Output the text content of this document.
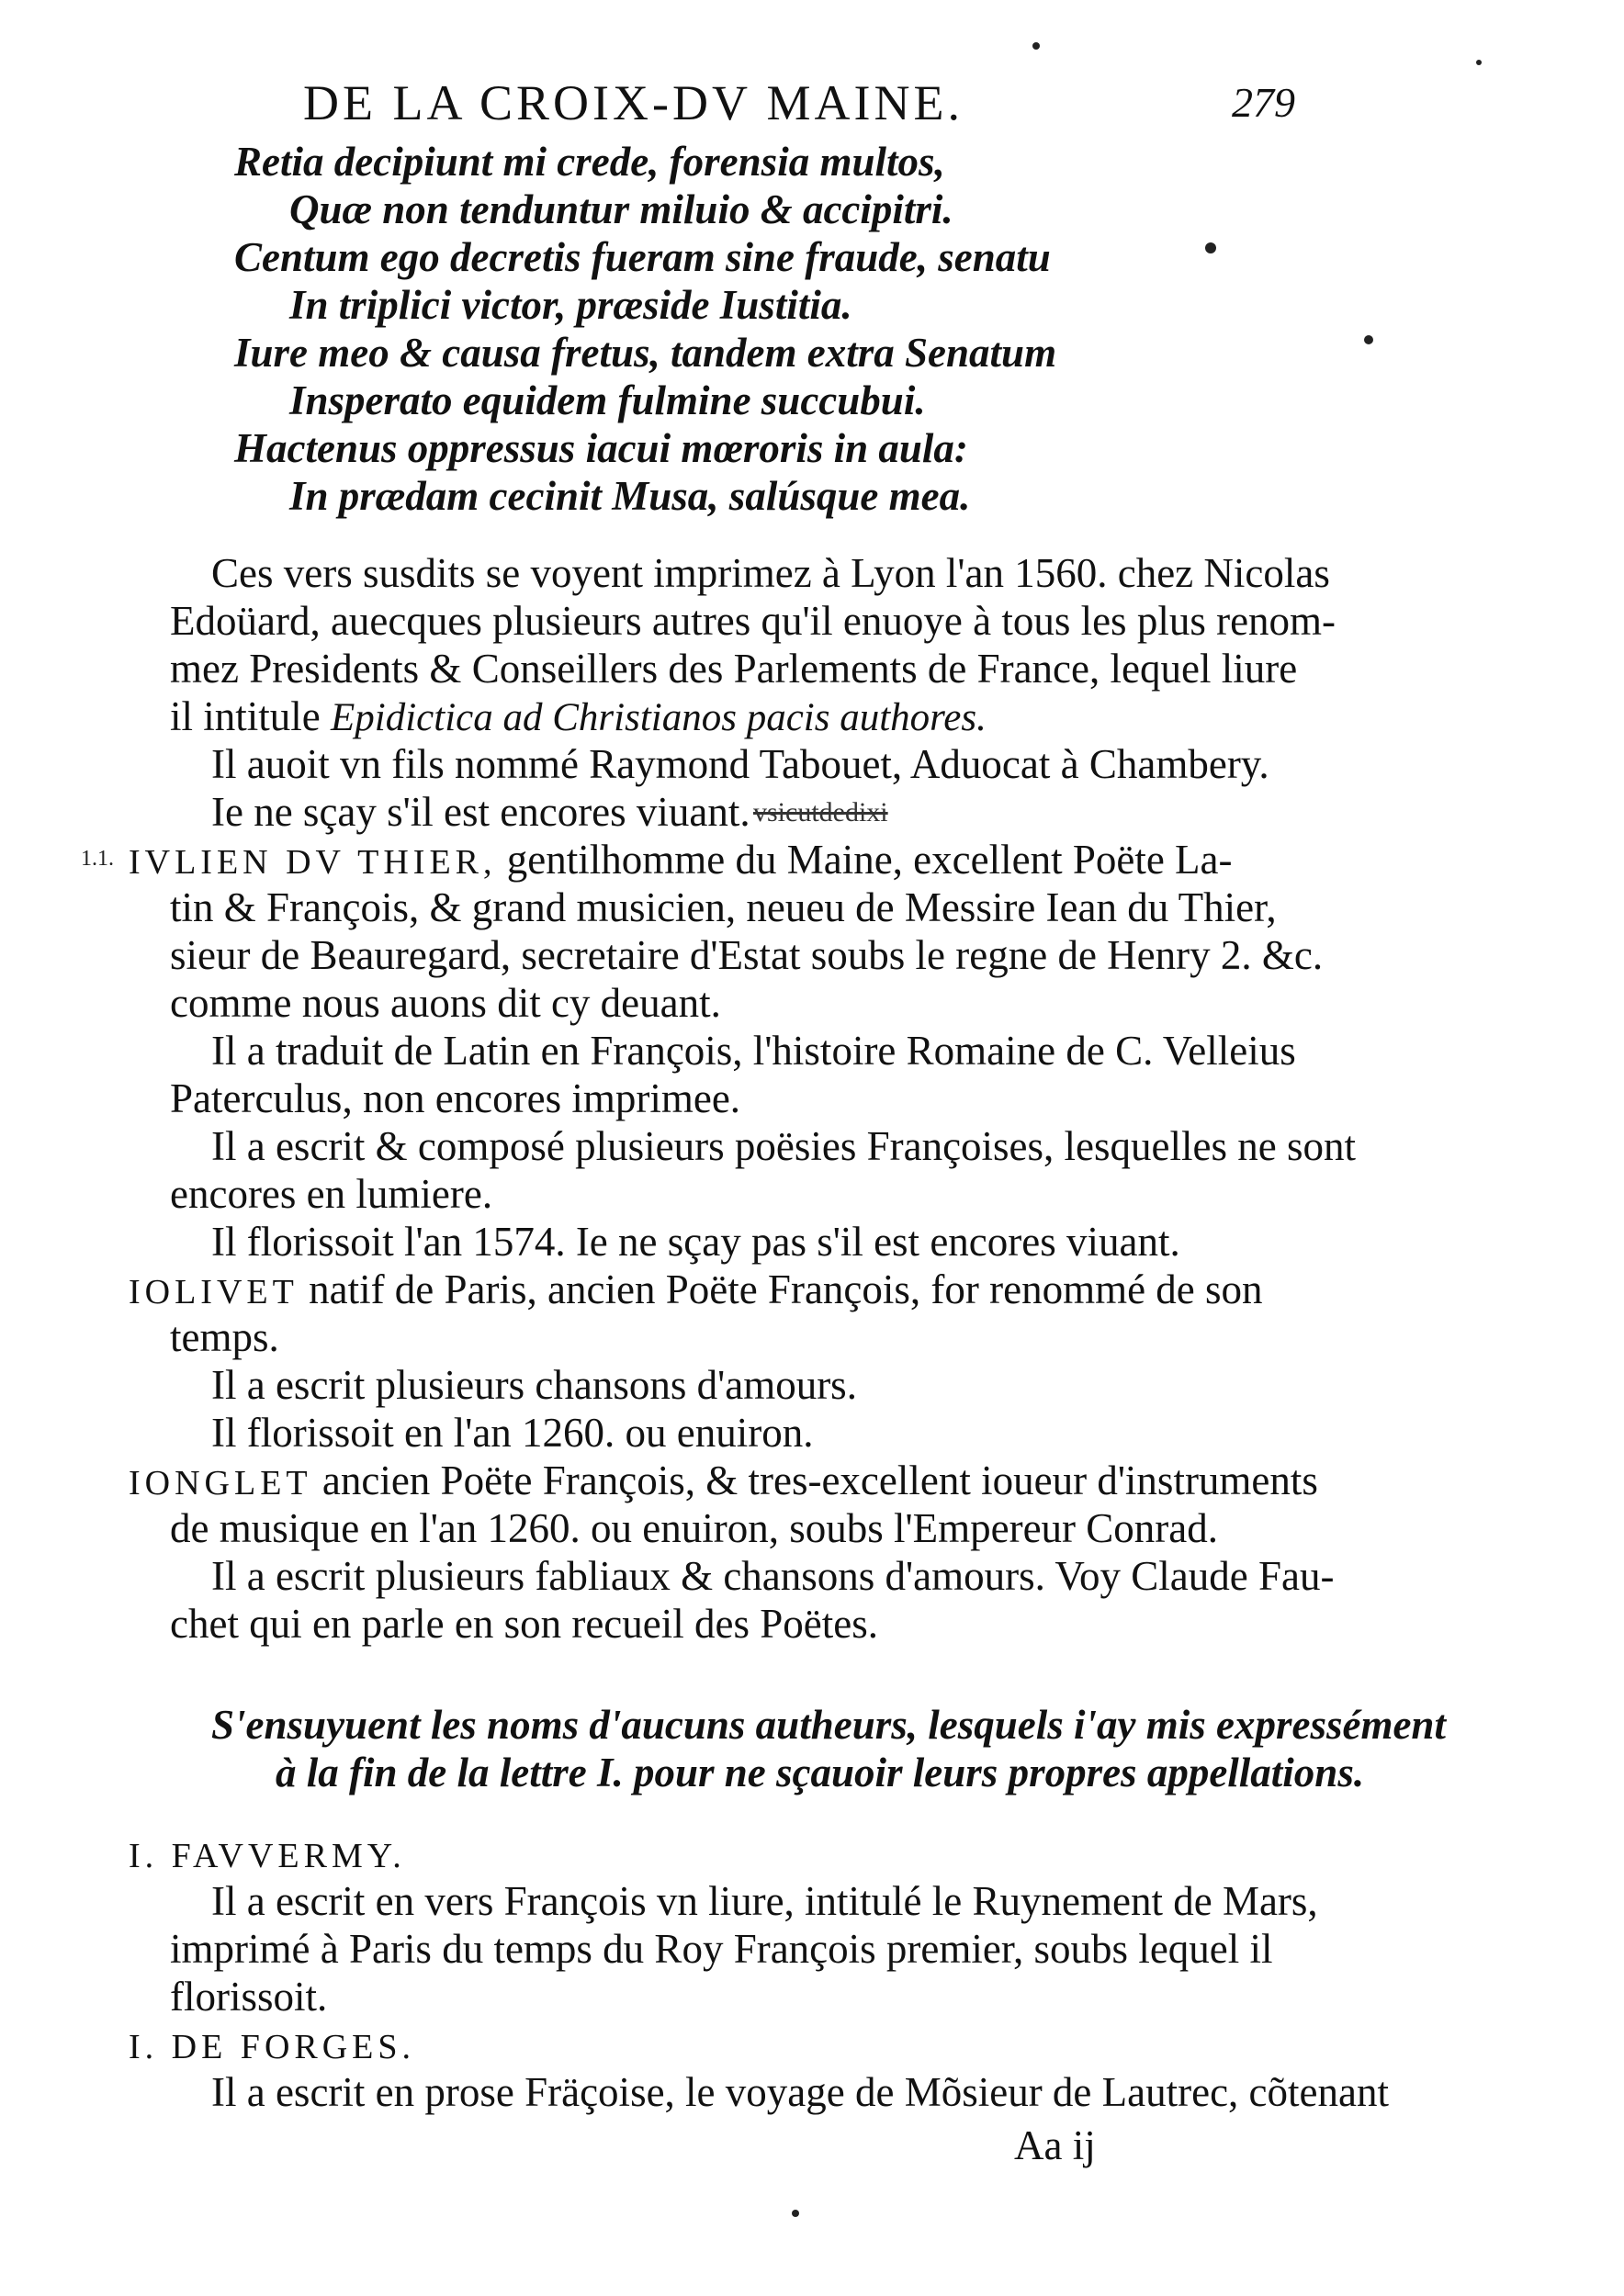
DE LA CROIX-DV MAINE.	279
Retia decipiunt mi crede, forensia multos,
Quæ non tenduntur miluio & accipitri.
Centum ego decretis fueram sine fraude, senatu
In triplici victor, præside Iustitia.
Iure meo & causa fretus, tandem extra Senatum
Insperato equidem fulmine succubui.
Hactenus oppressus iacui mœroris in aula:
In prædam cecinit Musa, salúsque mea.
Ces vers susdits se voyent imprimez à Lyon l'an 1560. chez Nicolas
Edoüard, auecques plusieurs autres qu'il enuoye à tous les plus renom-
mez Presidents & Conseillers des Parlements de France, lequel liure
il intitule Epidictica ad Christianos pacis authores.
Il auoit vn fils nommé Raymond Tabouet, Aduocat à Chambery.
Ie ne sçay s'il est encores viuant. vsicutdedixi
1.1. IVLIEN DV THIER, gentilhomme du Maine, excellent Poëte La-
tin & François, & grand musicien, neueu de Messire Iean du Thier,
sieur de Beauregard, secretaire d'Estat soubs le regne de Henry 2. &c.
comme nous auons dit cy deuant.
Il a traduit de Latin en François, l'histoire Romaine de C. Velleius
Paterculus, non encores imprimee.
Il a escrit & composé plusieurs poësies Françoises, lesquelles ne sont
encores en lumiere.
Il florissoit l'an 1574. Ie ne sçay pas s'il est encores viuant.
IOLIVET natif de Paris, ancien Poëte François, for renommé de son
temps.
Il a escrit plusieurs chansons d'amours.
Il florissoit en l'an 1260. ou enuiron.
IONGLET ancien Poëte François, & tres-excellent ioueur d'instruments
de musique en l'an 1260. ou enuiron, soubs l'Empereur Conrad.
Il a escrit plusieurs fabliaux & chansons d'amours. Voy Claude Fau-
chet qui en parle en son recueil des Poëtes.
S'ensuyuent les noms d'aucuns autheurs, lesquels i'ay mis expressément
à la fin de la lettre I. pour ne sçauoir leurs propres appellations.
I. FAVVERMY.
Il a escrit en vers François vn liure, intitulé le Ruynement de Mars,
imprimé à Paris du temps du Roy François premier, soubs lequel il
florissoit.
I. DE FORGES.
Il a escrit en prose Fräçoise, le voyage de Mõsieur de Lautrec, cõtenant
Aa ij
